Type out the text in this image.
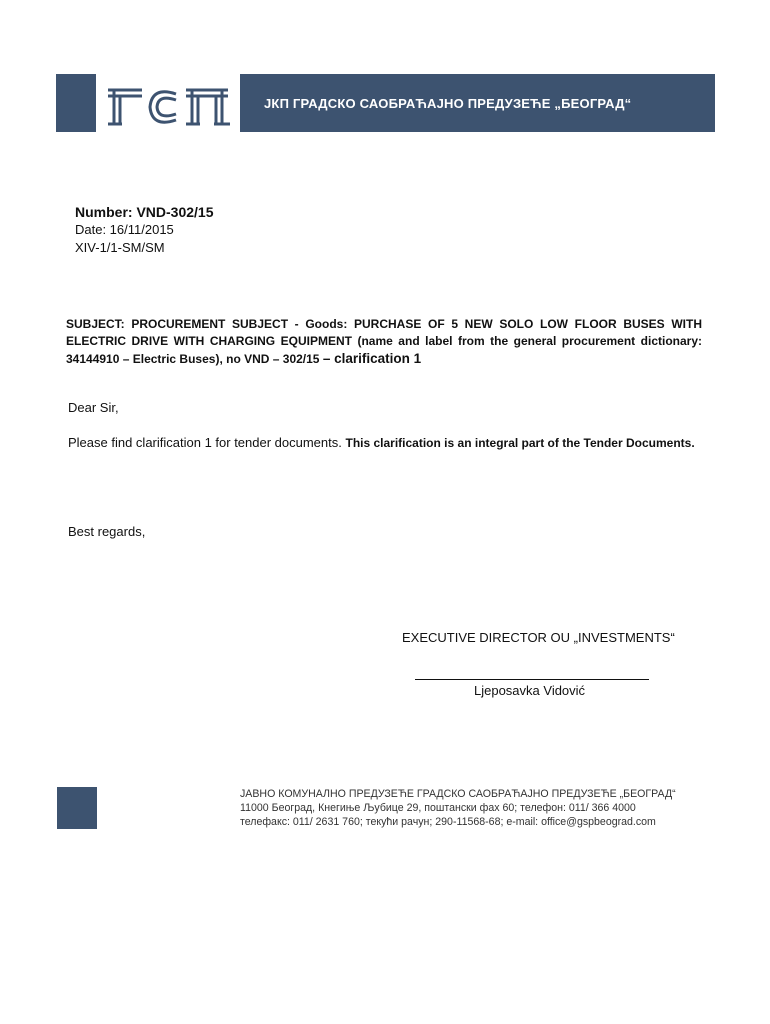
ЈКП ГРАДСКО САОБРАЋАЈНО ПРЕДУЗЕЋЕ „БЕОГРАД“
Number: VND-302/15
Date: 16/11/2015
XIV-1/1-SM/SM
SUBJECT: PROCUREMENT SUBJECT - Goods: PURCHASE OF 5 NEW SOLO LOW FLOOR BUSES WITH ELECTRIC DRIVE WITH CHARGING EQUIPMENT (name and label from the general procurement dictionary: 34144910 – Electric Buses), no VND – 302/15 – clarification 1
Dear Sir,
Please find clarification 1 for tender documents. This clarification is an integral part of the Tender Documents.
Best regards,
EXECUTIVE DIRECTOR OU „INVESTMENTS“
Ljeposavka Vidović
ЈАВНО КОМУНАЛНО ПРЕДУЗЕЋЕ ГРАДСКО САОБРАЋАЈНО ПРЕДУЗЕЋЕ „БЕОГРАД“
11000 Београд, Кнегиње Љубице 29, поштански фах 60; телефон: 011/ 366 4000
телефакс: 011/ 2631 760; текући рачун; 290-11568-68; e-mail: office@gspbeograd.com
